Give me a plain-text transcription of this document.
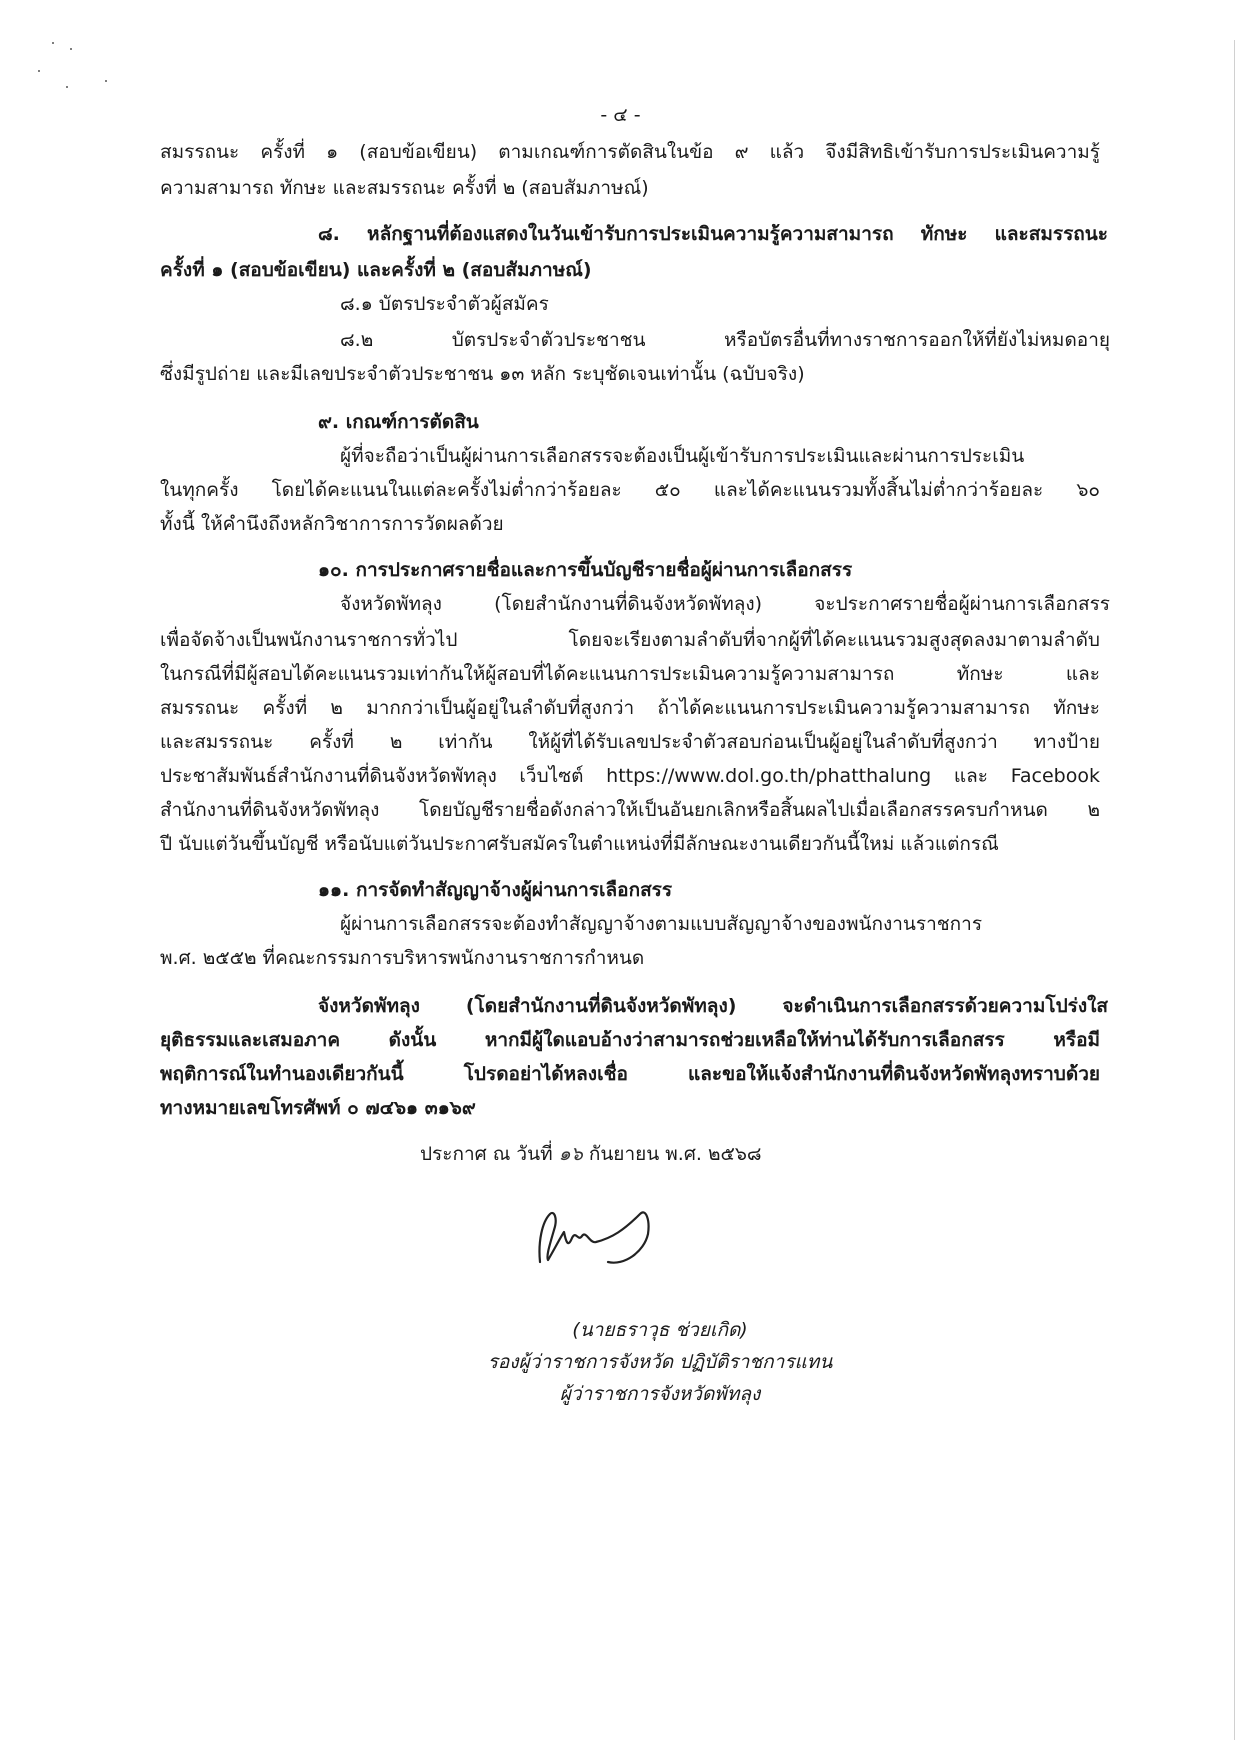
- ๔ -
สมรรถนะ ครั้งที่ ๑ (สอบข้อเขียน) ตามเกณฑ์การตัดสินในข้อ ๙ แล้ว จึงมีสิทธิเข้ารับการประเมินความรู้
ความสามารถ ทักษะ และสมรรถนะ ครั้งที่ ๒ (สอบสัมภาษณ์)
๘. หลักฐานที่ต้องแสดงในวันเข้ารับการประเมินความรู้ความสามารถ ทักษะ และสมรรถนะ
ครั้งที่ ๑ (สอบข้อเขียน) และครั้งที่ ๒ (สอบสัมภาษณ์)
๘.๑ บัตรประจำตัวผู้สมัคร
๘.๒ บัตรประจำตัวประชาชน หรือบัตรอื่นที่ทางราชการออกให้ที่ยังไม่หมดอายุ
ซึ่งมีรูปถ่าย และมีเลขประจำตัวประชาชน ๑๓ หลัก ระบุชัดเจนเท่านั้น (ฉบับจริง)
๙. เกณฑ์การตัดสิน
ผู้ที่จะถือว่าเป็นผู้ผ่านการเลือกสรรจะต้องเป็นผู้เข้ารับการประเมินและผ่านการประเมิน
ในทุกครั้ง โดยได้คะแนนในแต่ละครั้งไม่ต่ำกว่าร้อยละ ๕๐ และได้คะแนนรวมทั้งสิ้นไม่ต่ำกว่าร้อยละ ๖๐
ทั้งนี้ ให้คำนึงถึงหลักวิชาการการวัดผลด้วย
๑๐. การประกาศรายชื่อและการขึ้นบัญชีรายชื่อผู้ผ่านการเลือกสรร
จังหวัดพัทลุง (โดยสำนักงานที่ดินจังหวัดพัทลุง) จะประกาศรายชื่อผู้ผ่านการเลือกสรร
เพื่อจัดจ้างเป็นพนักงานราชการทั่วไป โดยจะเรียงตามลำดับที่จากผู้ที่ได้คะแนนรวมสูงสุดลงมาตามลำดับ
ในกรณีที่มีผู้สอบได้คะแนนรวมเท่ากันให้ผู้สอบที่ได้คะแนนการประเมินความรู้ความสามารถ ทักษะ และ
สมรรถนะ ครั้งที่ ๒ มากกว่าเป็นผู้อยู่ในลำดับที่สูงกว่า ถ้าได้คะแนนการประเมินความรู้ความสามารถ ทักษะ
และสมรรถนะ ครั้งที่ ๒ เท่ากัน ให้ผู้ที่ได้รับเลขประจำตัวสอบก่อนเป็นผู้อยู่ในลำดับที่สูงกว่า ทางป้าย
ประชาสัมพันธ์สำนักงานที่ดินจังหวัดพัทลุง เว็บไซต์ https://www.dol.go.th/phatthalung และ Facebook
สำนักงานที่ดินจังหวัดพัทลุง โดยบัญชีรายชื่อดังกล่าวให้เป็นอันยกเลิกหรือสิ้นผลไปเมื่อเลือกสรรครบกำหนด ๒
ปี นับแต่วันขึ้นบัญชี หรือนับแต่วันประกาศรับสมัครในตำแหน่งที่มีลักษณะงานเดียวกันนี้ใหม่ แล้วแต่กรณี
๑๑. การจัดทำสัญญาจ้างผู้ผ่านการเลือกสรร
ผู้ผ่านการเลือกสรรจะต้องทำสัญญาจ้างตามแบบสัญญาจ้างของพนักงานราชการ
พ.ศ. ๒๕๕๒ ที่คณะกรรมการบริหารพนักงานราชการกำหนด
จังหวัดพัทลุง (โดยสำนักงานที่ดินจังหวัดพัทลุง) จะดำเนินการเลือกสรรด้วยความโปร่งใส
ยุติธรรมและเสมอภาค ดังนั้น หากมีผู้ใดแอบอ้างว่าสามารถช่วยเหลือให้ท่านได้รับการเลือกสรร หรือมี
พฤติการณ์ในทำนองเดียวกันนี้ โปรดอย่าได้หลงเชื่อ และขอให้แจ้งสำนักงานที่ดินจังหวัดพัทลุงทราบด้วย
ทางหมายเลขโทรศัพท์ ๐ ๗๔๖๑ ๓๑๖๙
ประกาศ ณ วันที่ ๑๖ กันยายน พ.ศ. ๒๕๖๘
(นายธราวุธ ช่วยเกิด)
รองผู้ว่าราชการจังหวัด ปฏิบัติราชการแทน
ผู้ว่าราชการจังหวัดพัทลุง
